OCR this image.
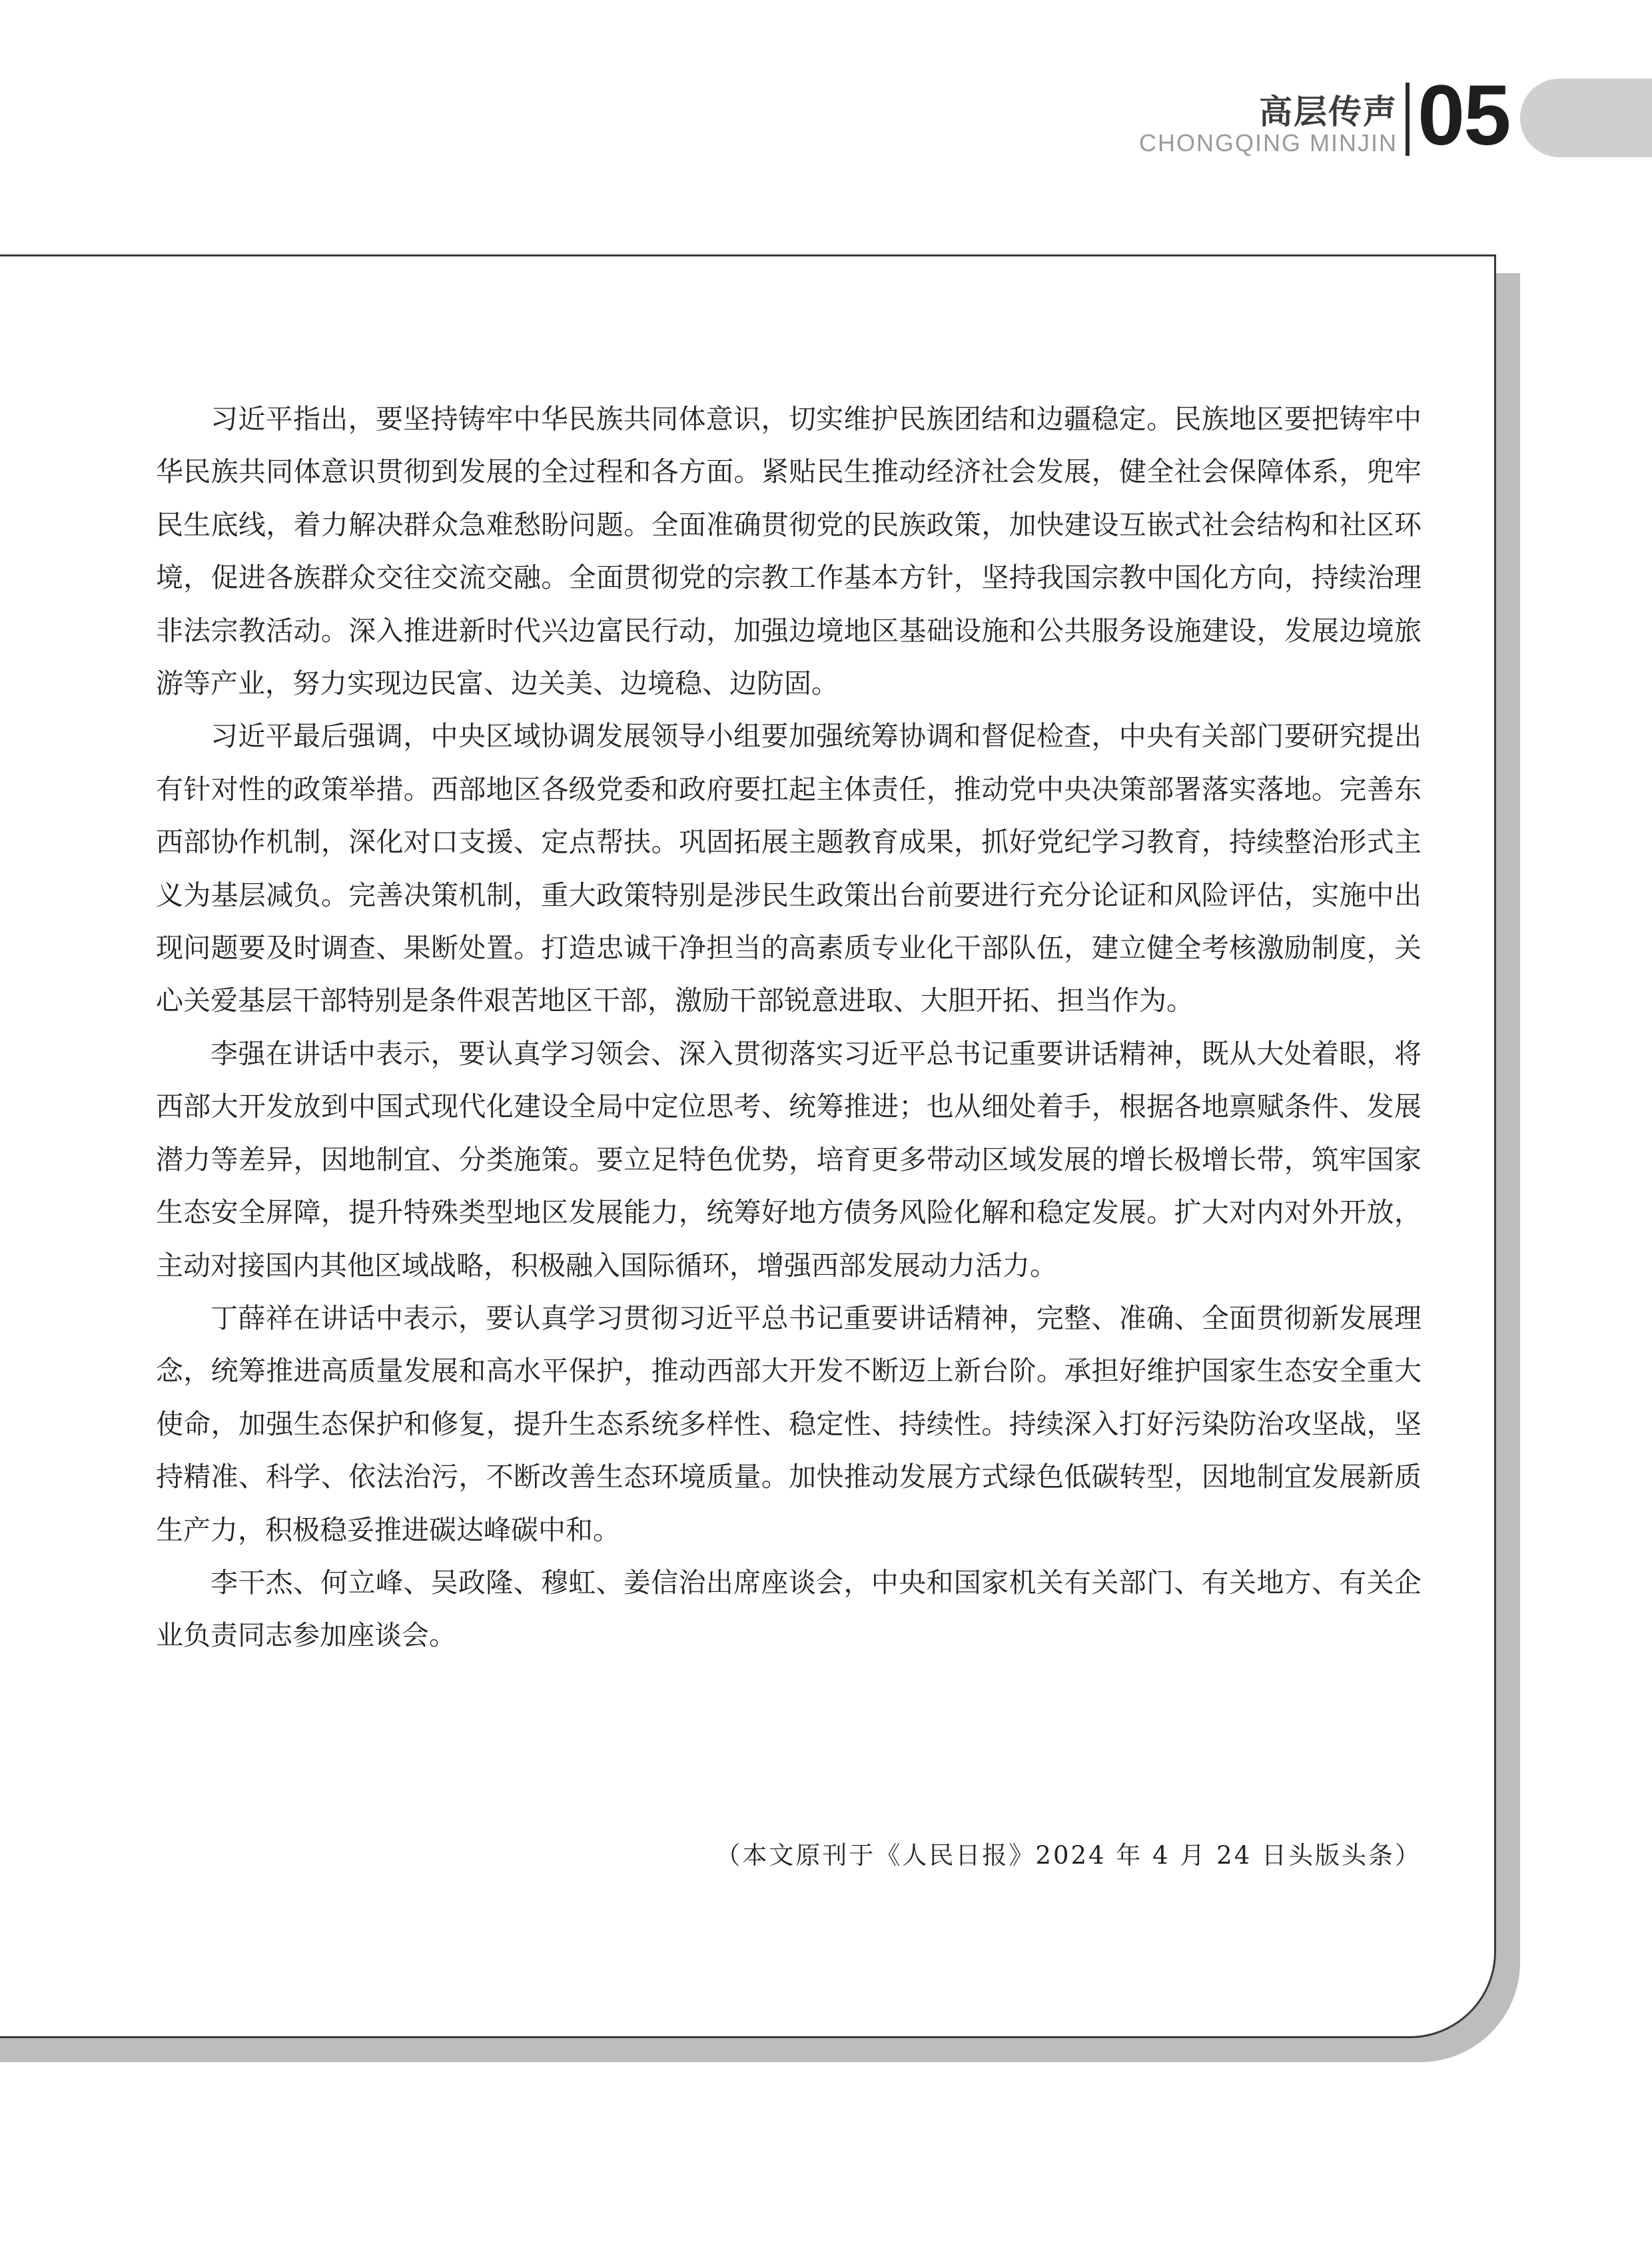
高层传声
CHONGQING MINJIN 05

习近平指出，要坚持铸牢中华民族共同体意识，切实维护民族团结和边疆稳定。民族地区要把铸牢中华民族共同体意识贯彻到发展的全过程和各方面。紧贴民生推动经济社会发展，健全社会保障体系，兜牢民生底线，着力解决群众急难愁盼问题。全面准确贯彻党的民族政策，加快建设互嵌式社会结构和社区环境，促进各族群众交往交流交融。全面贯彻党的宗教工作基本方针，坚持我国宗教中国化方向，持续治理非法宗教活动。深入推进新时代兴边富民行动，加强边境地区基础设施和公共服务设施建设，发展边境旅游等产业，努力实现边民富、边关美、边境稳、边防固。

习近平最后强调，中央区域协调发展领导小组要加强统筹协调和督促检查，中央有关部门要研究提出有针对性的政策举措。西部地区各级党委和政府要扛起主体责任，推动党中央决策部署落实落地。完善东西部协作机制，深化对口支援、定点帮扶。巩固拓展主题教育成果，抓好党纪学习教育，持续整治形式主义为基层减负。完善决策机制，重大政策特别是涉民生政策出台前要进行充分论证和风险评估，实施中出现问题要及时调查、果断处置。打造忠诚干净担当的高素质专业化干部队伍，建立健全考核激励制度，关心关爱基层干部特别是条件艰苦地区干部，激励干部锐意进取、大胆开拓、担当作为。

李强在讲话中表示，要认真学习领会、深入贯彻落实习近平总书记重要讲话精神，既从大处着眼，将西部大开发放到中国式现代化建设全局中定位思考、统筹推进；也从细处着手，根据各地禀赋条件、发展潜力等差异，因地制宜、分类施策。要立足特色优势，培育更多带动区域发展的增长极增长带，筑牢国家生态安全屏障，提升特殊类型地区发展能力，统筹好地方债务风险化解和稳定发展。扩大对内对外开放，主动对接国内其他区域战略，积极融入国际循环，增强西部发展动力活力。

丁薛祥在讲话中表示，要认真学习贯彻习近平总书记重要讲话精神，完整、准确、全面贯彻新发展理念，统筹推进高质量发展和高水平保护，推动西部大开发不断迈上新台阶。承担好维护国家生态安全重大使命，加强生态保护和修复，提升生态系统多样性、稳定性、持续性。持续深入打好污染防治攻坚战，坚持精准、科学、依法治污，不断改善生态环境质量。加快推动发展方式绿色低碳转型，因地制宜发展新质生产力，积极稳妥推进碳达峰碳中和。

李干杰、何立峰、吴政隆、穆虹、姜信治出席座谈会，中央和国家机关有关部门、有关地方、有关企业负责同志参加座谈会。

（本文原刊于《人民日报》2024 年 4 月 24 日头版头条）
